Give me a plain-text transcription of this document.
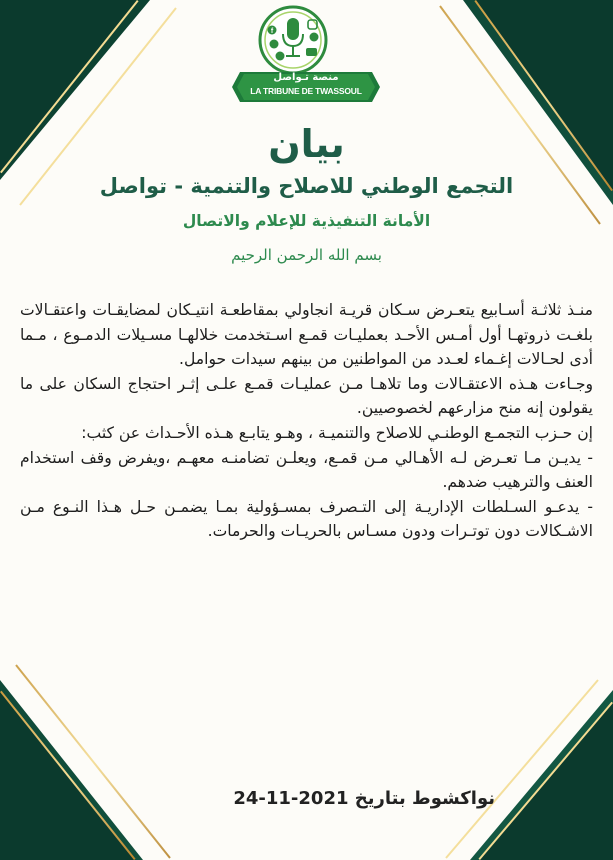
f
منصة تـواصل
LA TRIBUNE DE TWASSOUL
بيان
التجمع الوطني للاصلاح والتنمية - تواصل
الأمانة التنفيذية للإعلام والاتصال
بسم الله الرحمن الرحيم

منـذ ثلاثـة أسـابيع يتعـرض سـكان قريـة انجاولي بمقاطعـة انتيـكان لمضايقـات واعتقـالات بلغـت ذروتهـا أول أمـس الأحـد بعمليـات قمـع اسـتخدمت خلالهـا مسـيلات الدمـوع ، مـما أدى لحـالات إغـماء لعـدد من المواطنين من بينهم سيدات حوامل.

وجـاءت هـذه الاعتقـالات وما تلاهـا مـن عمليـات قمـع علـى إثـر احتجاج السكان على ما يقولون إنه منح مزارعهم لخصوصيين.

إن حـزب التجمـع الوطنـي للاصلاح والتنميـة ، وهـو يتابـع هـذه الأحـداث عن كثب:

- يديـن مـا تعـرض لـه الأهـالي مـن قمـع، ويعلـن تضامنـه معهـم ،ويفرض وقف استخدام العنف والترهيب ضدهم.

- يدعـو السـلطات الإداريـة إلى التـصرف بمسـؤولية بمـا يضمـن حـل هـذا النـوع مـن الاشـكالات دون توتـرات ودون مسـاس بالحريـات والحرمات.

نواكشوط بتاريخ 2021-11-24
